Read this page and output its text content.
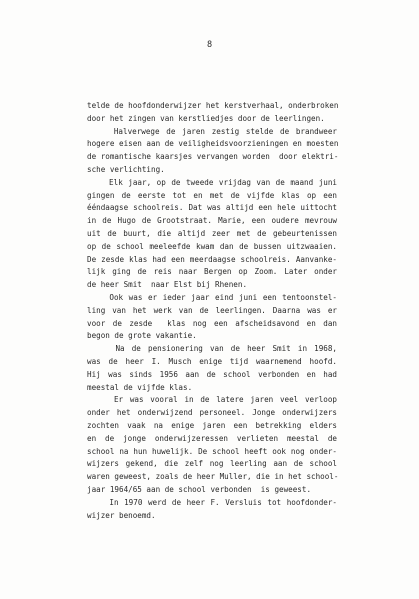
8
telde de hoofdonderwijzer het kerstverhaal, onderbroken
door het zingen van kerstliedjes door de leerlingen.
Halverwege de jaren zestig stelde de brandweer
hogere eisen aan de veiligheidsvoorzieningen en moesten
de romantische kaarsjes vervangen worden  door elektri-
sche verlichting.
Elk jaar, op de tweede vrijdag van de maand juni
gingen de eerste tot en met de vijfde klas op een
ééndaagse schoolreis. Dat was altijd een hele uittocht
in de Hugo de Grootstraat. Marie, een oudere mevrouw
uit de buurt, die altijd zeer met de gebeurtenissen
op de school meeleefde kwam dan de bussen uitzwaaien.
De zesde klas had een meerdaagse schoolreis. Aanvanke-
lijk ging de reis naar Bergen op Zoom. Later onder
de heer Smit  naar Elst bij Rhenen.
Ook was er ieder jaar eind juni een tentoonstel-
ling van het werk van de leerlingen. Daarna was er
voor de zesde  klas nog een afscheidsavond en dan
begon de grote vakantie.
Na de pensionering van de heer Smit in 1968,
was de heer I. Musch enige tijd waarnemend hoofd.
Hij was sinds 1956 aan de school verbonden en had
meestal de vijfde klas.
Er was vooral in de latere jaren veel verloop
onder het onderwijzend personeel. Jonge onderwijzers
zochten vaak na enige jaren een betrekking elders
en de jonge onderwijzeressen verlieten meestal de
school na hun huwelijk. De school heeft ook nog onder-
wijzers gekend, die zelf nog leerling aan de school
waren geweest, zoals de heer Muller, die in het school-
jaar 1964/65 aan de school verbonden  is geweest.
In 1970 werd de heer F. Versluis tot hoofdonder-
wijzer benoemd.
